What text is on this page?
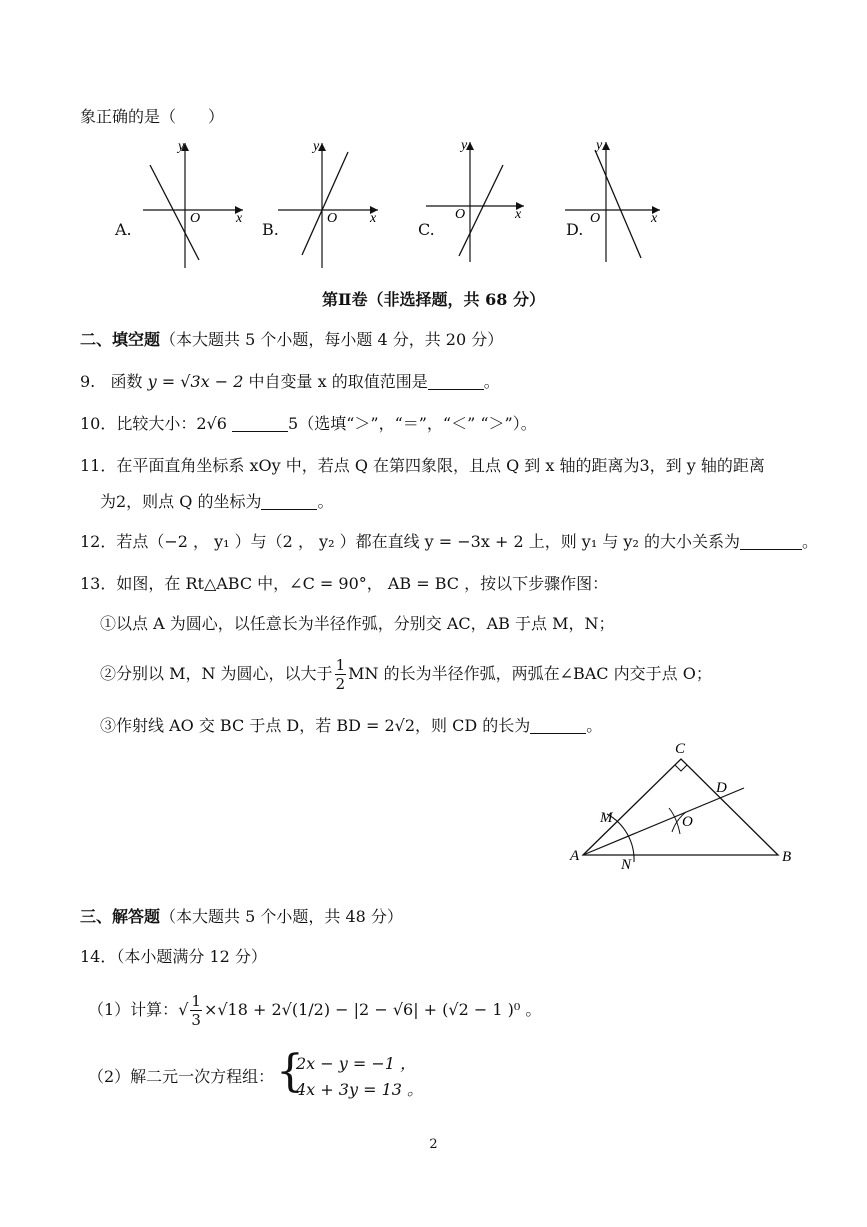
象正确的是（　　）
y
x
O
y
x
O
y
x
O
y
x
O
A.	B.	C.	D.
第Ⅱ卷（非选择题，共 68 分）
二、填空题（本大题共 5 个小题，每小题 4 分，共 20 分）
9. 函数 y = √3x − 2 中自变量 x 的取值范围是	。
10．比较大小：2√6	5（选填“＞”，“＝”，“＜” “＞”）。
11．在平面直角坐标系 xOy 中，若点 Q 在第四象限，且点 Q 到 x 轴的距离为3，到 y 轴的距离
为2，则点 Q 的坐标为	。
12．若点（−2 ， y₁ ）与（2 ， y₂ ）都在直线 y = −3x + 2 上，则 y₁ 与 y₂ 的大小关系为	。
13．如图，在 Rt△ABC 中，∠C = 90°， AB = BC ，按以下步骤作图：
①以点 A 为圆心，以任意长为半径作弧，分别交 AC，AB 于点 M，N；
②分别以 M，N 为圆心，以大于 $\frac{1}{2}$ MN 的长为半径作弧，两弧在∠BAC 内交于点 O；
③作射线 AO 交 BC 于点 D，若 BD = 2√2，则 CD 的长为	。
C
D
M	O
A
N	B
三、解答题（本大题共 5 个小题，共 48 分）
14．（本小题满分 12 分）
（1）计算：√ $\frac{1}{3} \times√18 + 2√(1/2) - |2 - √6| + (√2 - 1$ )⁰ 。
（2）解二元一次方程组： {
2x − y = −1 ，
4x + 3y = 13 。
2
